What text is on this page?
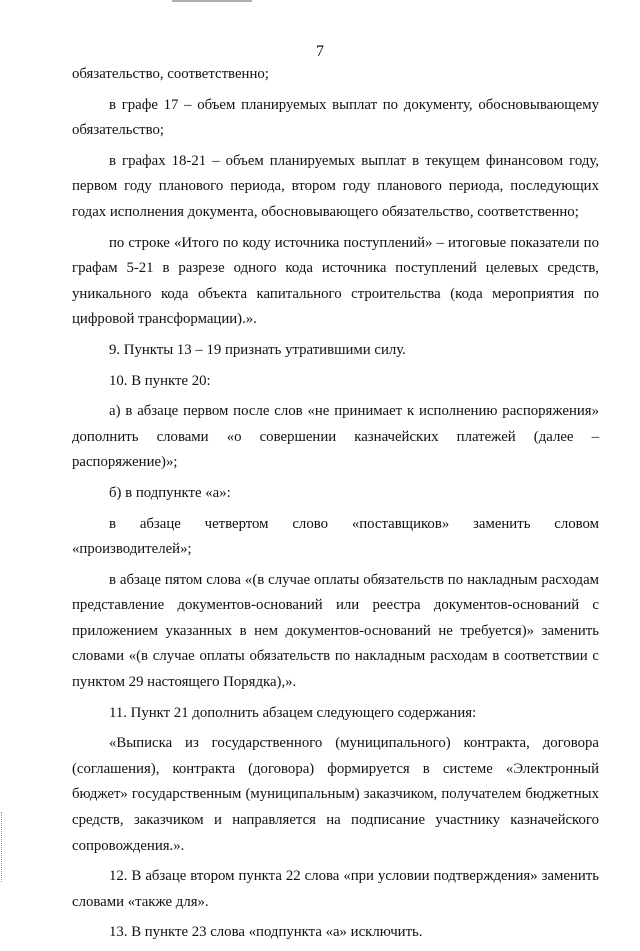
7

обязательство, соответственно;

в графе 17 – объем планируемых выплат по документу, обосновывающему обязательство;

в графах 18-21 – объем планируемых выплат в текущем финансовом году, первом году планового периода, втором году планового периода, последующих годах исполнения документа, обосновывающего обязательство, соответственно;

по строке «Итого по коду источника поступлений» – итоговые показатели по графам 5-21 в разрезе одного кода источника поступлений целевых средств, уникального кода объекта капитального строительства (кода мероприятия по цифровой трансформации).».

9. Пункты 13 – 19 признать утратившими силу.

10. В пункте 20:

а) в абзаце первом после слов «не принимает к исполнению распоряжения» дополнить словами «о совершении казначейских платежей (далее – распоряжение)»;

б) в подпункте «а»:

в абзаце четвертом слово «поставщиков» заменить словом «производителей»;

в абзаце пятом слова «(в случае оплаты обязательств по накладным расходам представление документов-оснований или реестра документов-оснований с приложением указанных в нем документов-оснований не требуется)» заменить словами «(в случае оплаты обязательств по накладным расходам в соответствии с пунктом 29 настоящего Порядка),».

11. Пункт 21 дополнить абзацем следующего содержания:

«Выписка из государственного (муниципального) контракта, договора (соглашения), контракта (договора) формируется в системе «Электронный бюджет» государственным (муниципальным) заказчиком, получателем бюджетных средств, заказчиком и направляется на подписание участнику казначейского сопровождения.».

12. В абзаце втором пункта 22 слова «при условии подтверждения» заменить словами «также для».

13. В пункте 23 слова «подпункта «а» исключить.
